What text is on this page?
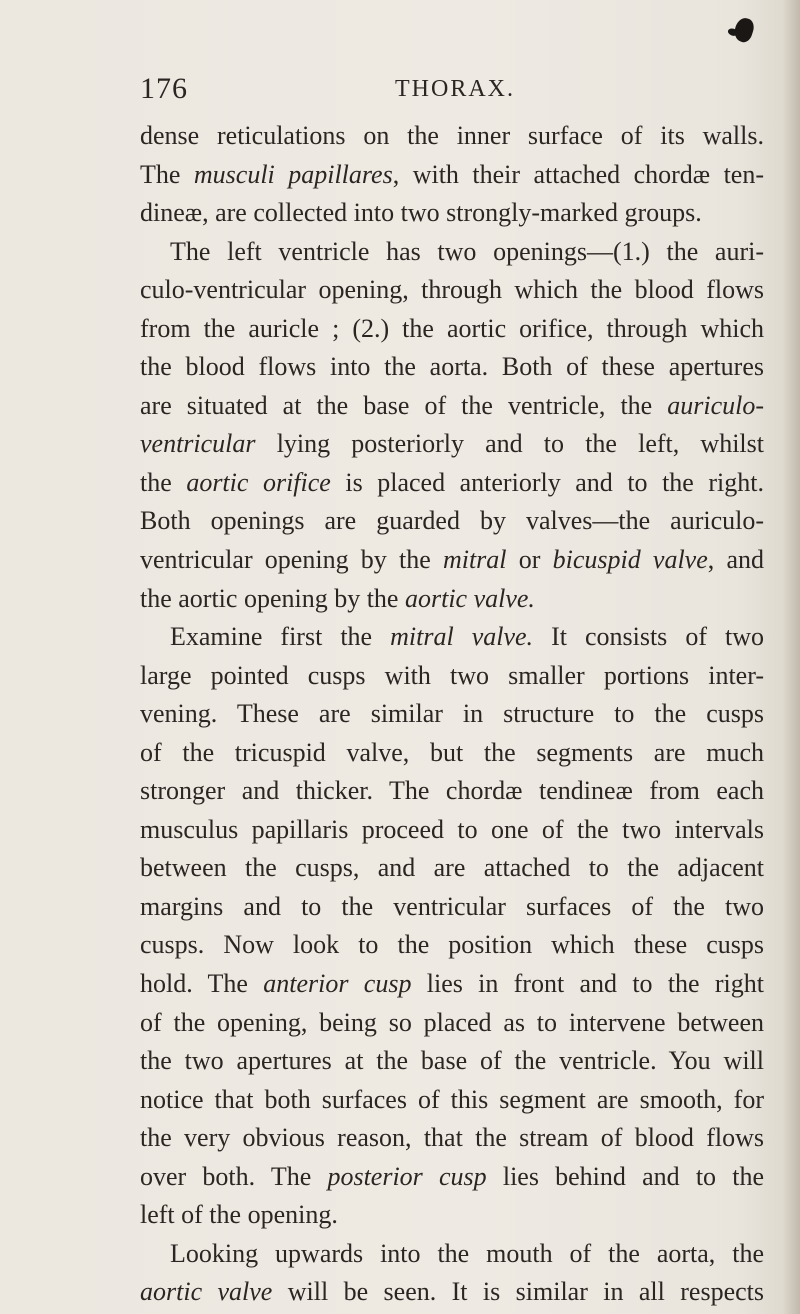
176	THORAX.
dense reticulations on the inner surface of its walls.
The musculi papillares, with their attached chordæ ten-
dineæ, are collected into two strongly-marked groups.
The left ventricle has two openings—(1.) the auri-
culo-ventricular opening, through which the blood flows
from the auricle ; (2.) the aortic orifice, through which
the blood flows into the aorta. Both of these apertures
are situated at the base of the ventricle, the auriculo-
ventricular lying posteriorly and to the left, whilst
the aortic orifice is placed anteriorly and to the right.
Both openings are guarded by valves—the auriculo-
ventricular opening by the mitral or bicuspid valve, and
the aortic opening by the aortic valve.
Examine first the mitral valve. It consists of two
large pointed cusps with two smaller portions inter-
vening. These are similar in structure to the cusps
of the tricuspid valve, but the segments are much
stronger and thicker. The chordæ tendineæ from each
musculus papillaris proceed to one of the two intervals
between the cusps, and are attached to the adjacent
margins and to the ventricular surfaces of the two
cusps. Now look to the position which these cusps
hold. The anterior cusp lies in front and to the right
of the opening, being so placed as to intervene between
the two apertures at the base of the ventricle. You will
notice that both surfaces of this segment are smooth, for
the very obvious reason, that the stream of blood flows
over both. The posterior cusp lies behind and to the
left of the opening.
Looking upwards into the mouth of the aorta, the
aortic valve will be seen. It is similar in all respects
